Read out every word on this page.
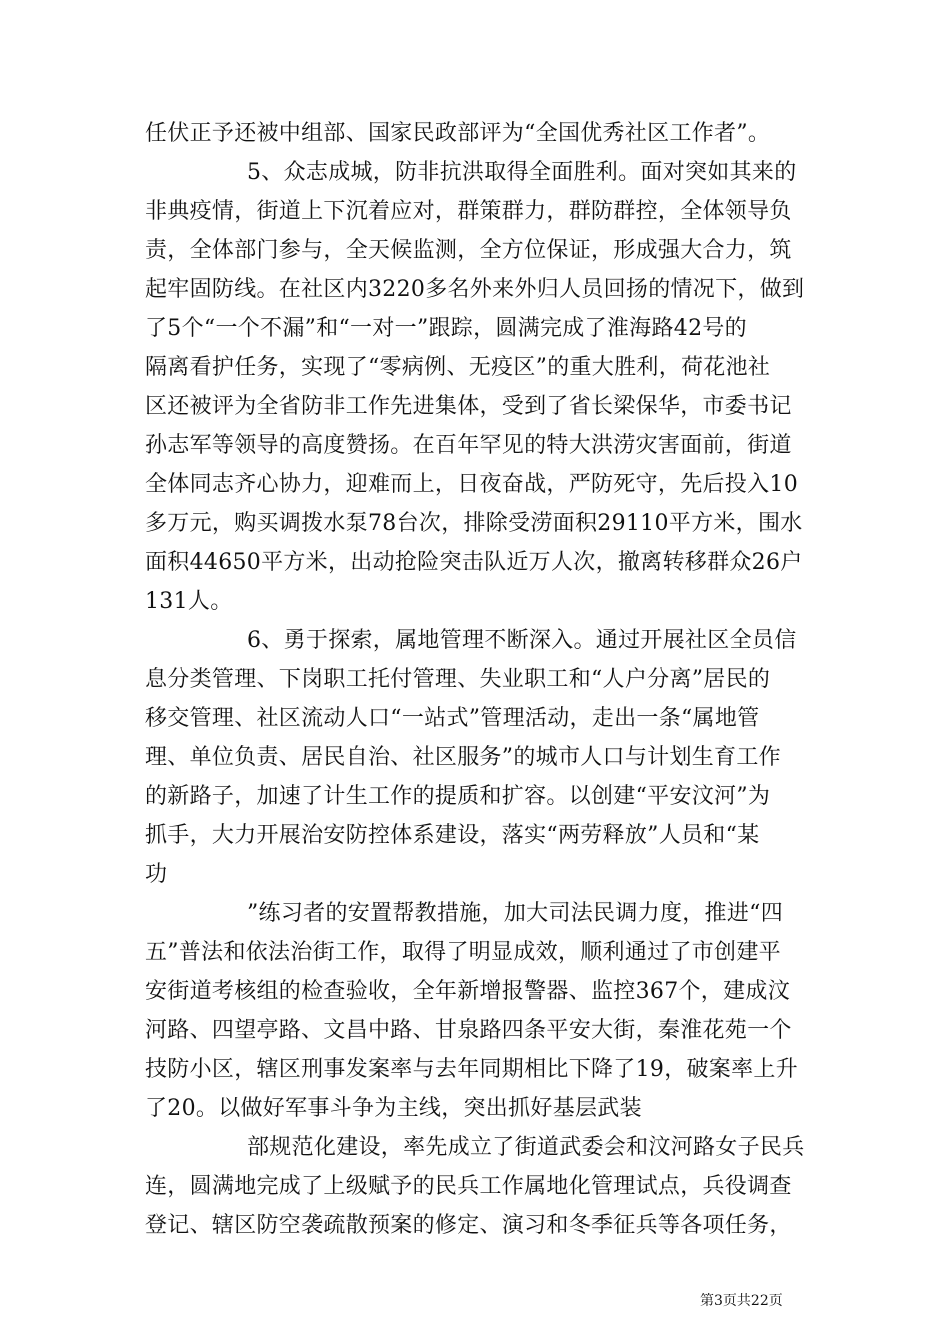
任伏正予还被中组部、国家民政部评为“全国优秀社区工作者”。
5、众志成城，防非抗洪取得全面胜利。面对突如其来的
非典疫情，街道上下沉着应对，群策群力，群防群控，全体领导负
责，全体部门参与，全天候监测，全方位保证，形成强大合力，筑
起牢固防线。在社区内3220多名外来外归人员回扬的情况下，做到
了5个“一个不漏”和“一对一”跟踪，圆满完成了淮海路42号的
隔离看护任务，实现了“零病例、无疫区”的重大胜利，荷花池社
区还被评为全省防非工作先进集体，受到了省长梁保华，市委书记
孙志军等领导的高度赞扬。在百年罕见的特大洪涝灾害面前，街道
全体同志齐心协力，迎难而上，日夜奋战，严防死守，先后投入10
多万元，购买调拨水泵78台次，排除受涝面积29110平方米，围水
面积44650平方米，出动抢险突击队近万人次，撤离转移群众26户
131人。
6、勇于探索，属地管理不断深入。通过开展社区全员信
息分类管理、下岗职工托付管理、失业职工和“人户分离”居民的
移交管理、社区流动人口“一站式”管理活动，走出一条“属地管
理、单位负责、居民自治、社区服务”的城市人口与计划生育工作
的新路子，加速了计生工作的提质和扩容。以创建“平安汶河”为
抓手，大力开展治安防控体系建设，落实“两劳释放”人员和“某
功
”练习者的安置帮教措施，加大司法民调力度，推进“四
五”普法和依法治街工作，取得了明显成效，顺利通过了市创建平
安街道考核组的检查验收，全年新增报警器、监控367个，建成汶
河路、四望亭路、文昌中路、甘泉路四条平安大街，秦淮花苑一个
技防小区，辖区刑事发案率与去年同期相比下降了19，破案率上升
了20。以做好军事斗争为主线，突出抓好基层武装
部规范化建设，率先成立了街道武委会和汶河路女子民兵
连，圆满地完成了上级赋予的民兵工作属地化管理试点，兵役调查
登记、辖区防空袭疏散预案的修定、演习和冬季征兵等各项任务，
第3页共22页
